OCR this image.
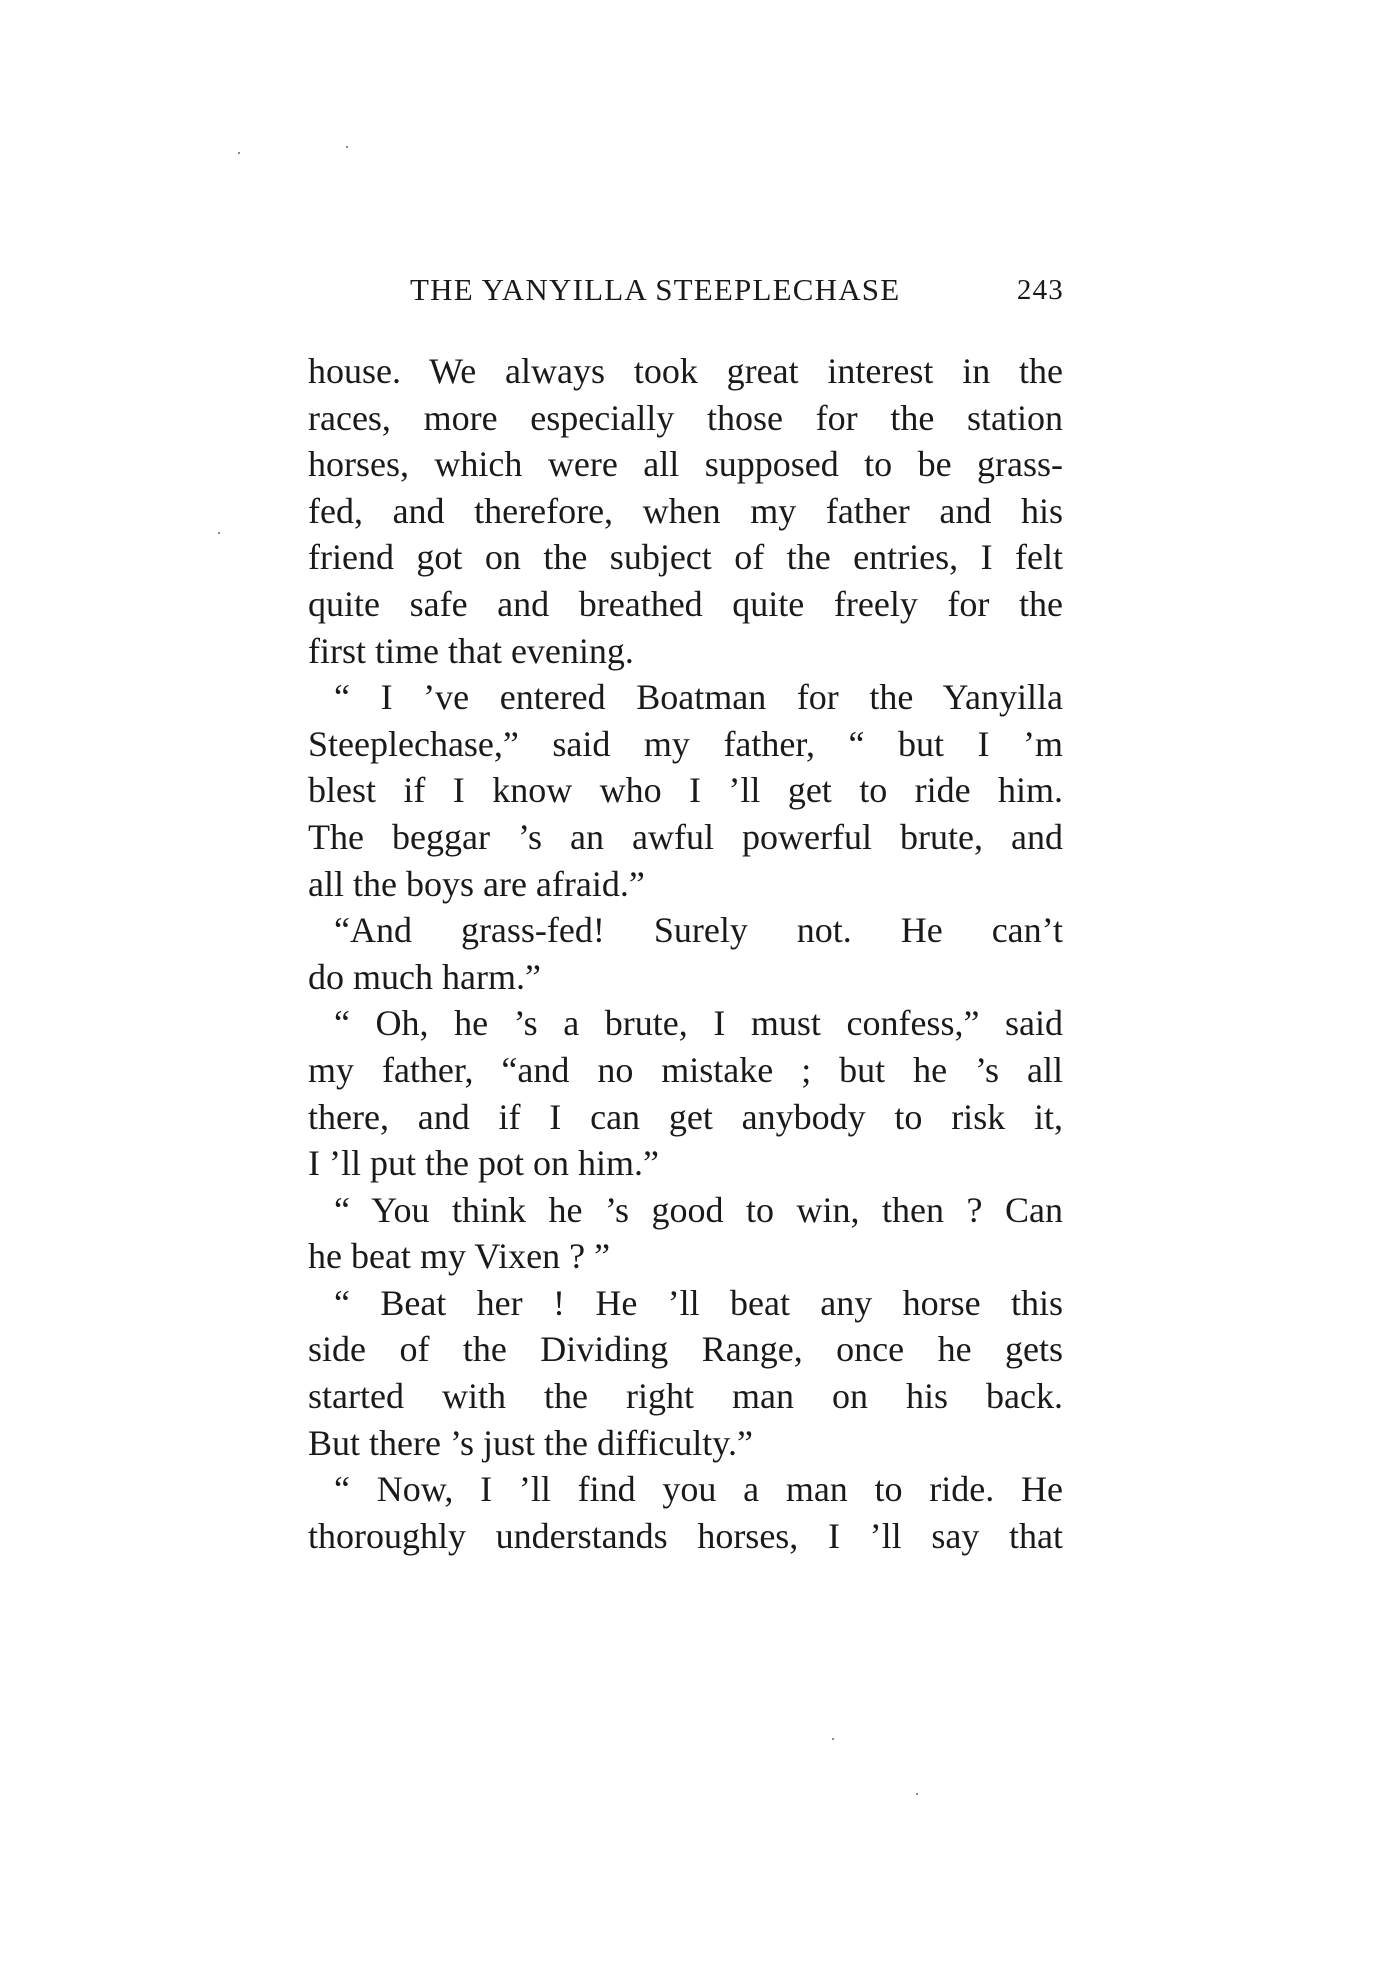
THE YANYILLA STEEPLECHASE	243
house. We always took great interest in the
races, more especially those for the station
horses, which were all supposed to be grass-
fed, and therefore, when my father and his
friend got on the subject of the entries, I felt
quite safe and breathed quite freely for the
first time that evening.
“ I ’ve entered Boatman for the Yanyilla
Steeplechase,” said my father, “ but I ’m
blest if I know who I ’ll get to ride him.
The beggar ’s an awful powerful brute, and
all the boys are afraid.”
“And grass-fed! Surely not. He can’t
do much harm.”
“ Oh, he ’s a brute, I must confess,” said
my father, “and no mistake ; but he ’s all
there, and if I can get anybody to risk it,
I ’ll put the pot on him.”
“ You think he ’s good to win, then ? Can
he beat my Vixen ? ”
“ Beat her ! He ’ll beat any horse this
side of the Dividing Range, once he gets
started with the right man on his back.
But there ’s just the difficulty.”
“ Now, I ’ll find you a man to ride. He
thoroughly understands horses, I ’ll say that
